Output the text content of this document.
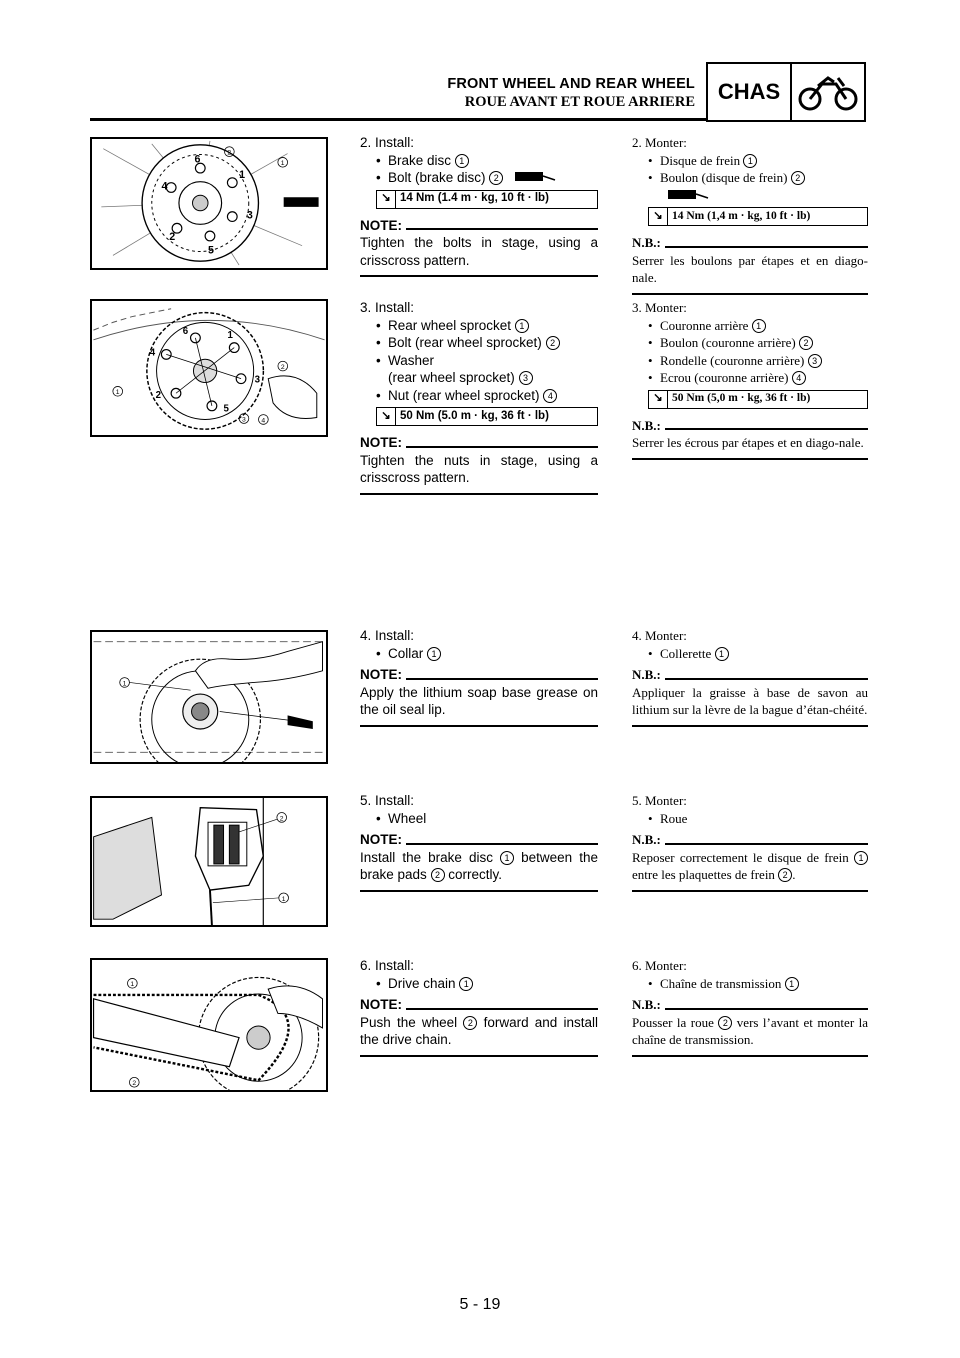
FRONT WHEEL AND REAR WHEEL
ROUE AVANT ET ROUE ARRIERE	CHAS
6
1
3
5
2
4
2
1
2. Install:
• Brake disc 1
• Bolt (brake disc) 2
↘ 14 Nm (1.4 m · kg, 10 ft · lb)
NOTE:
Tighten the bolts in stage, using a crisscross pattern.
2. Monter:
• Disque de frein 1
• Boulon (disque de frein) 2
↘ 14 Nm (1,4 m · kg, 10 ft · lb)
N.B.:
Serrer les boulons par étapes et en diago-nale.
6	1
4
3
2
5
1
2
3 4
3. Install:
• Rear wheel sprocket 1
• Bolt (rear wheel sprocket) 2
• Washer
(rear wheel sprocket) 3
• Nut (rear wheel sprocket) 4
↘ 50 Nm (5.0 m · kg, 36 ft · lb)
NOTE:
Tighten the nuts in stage, using a crisscross pattern.
3. Monter:
• Couronne arrière 1
• Boulon (couronne arrière) 2
• Rondelle (couronne arrière) 3
• Ecrou (couronne arrière) 4
↘ 50 Nm (5,0 m · kg, 36 ft · lb)
N.B.:
Serrer les écrous par étapes et en diago-nale.
1
4. Install:
• Collar 1
NOTE:
Apply the lithium soap base grease on the oil seal lip.
4. Monter:
• Collerette 1
N.B.:
Appliquer la graisse à base de savon au lithium sur la lèvre de la bague d’étan-chéité.
2
1
5. Install:
• Wheel
NOTE:
Install the brake disc 1 between the brake pads 2 correctly.
5. Monter:
• Roue
N.B.:
Reposer correctement le disque de frein 1 entre les plaquettes de frein 2 .
1
2
6. Install:
• Drive chain 1
NOTE:
Push the wheel 2 forward and install the drive chain.
6. Monter:
• Chaîne de transmission 1
N.B.:
Pousser la roue 2 vers l’avant et monter la chaîne de transmission.
5 - 19
